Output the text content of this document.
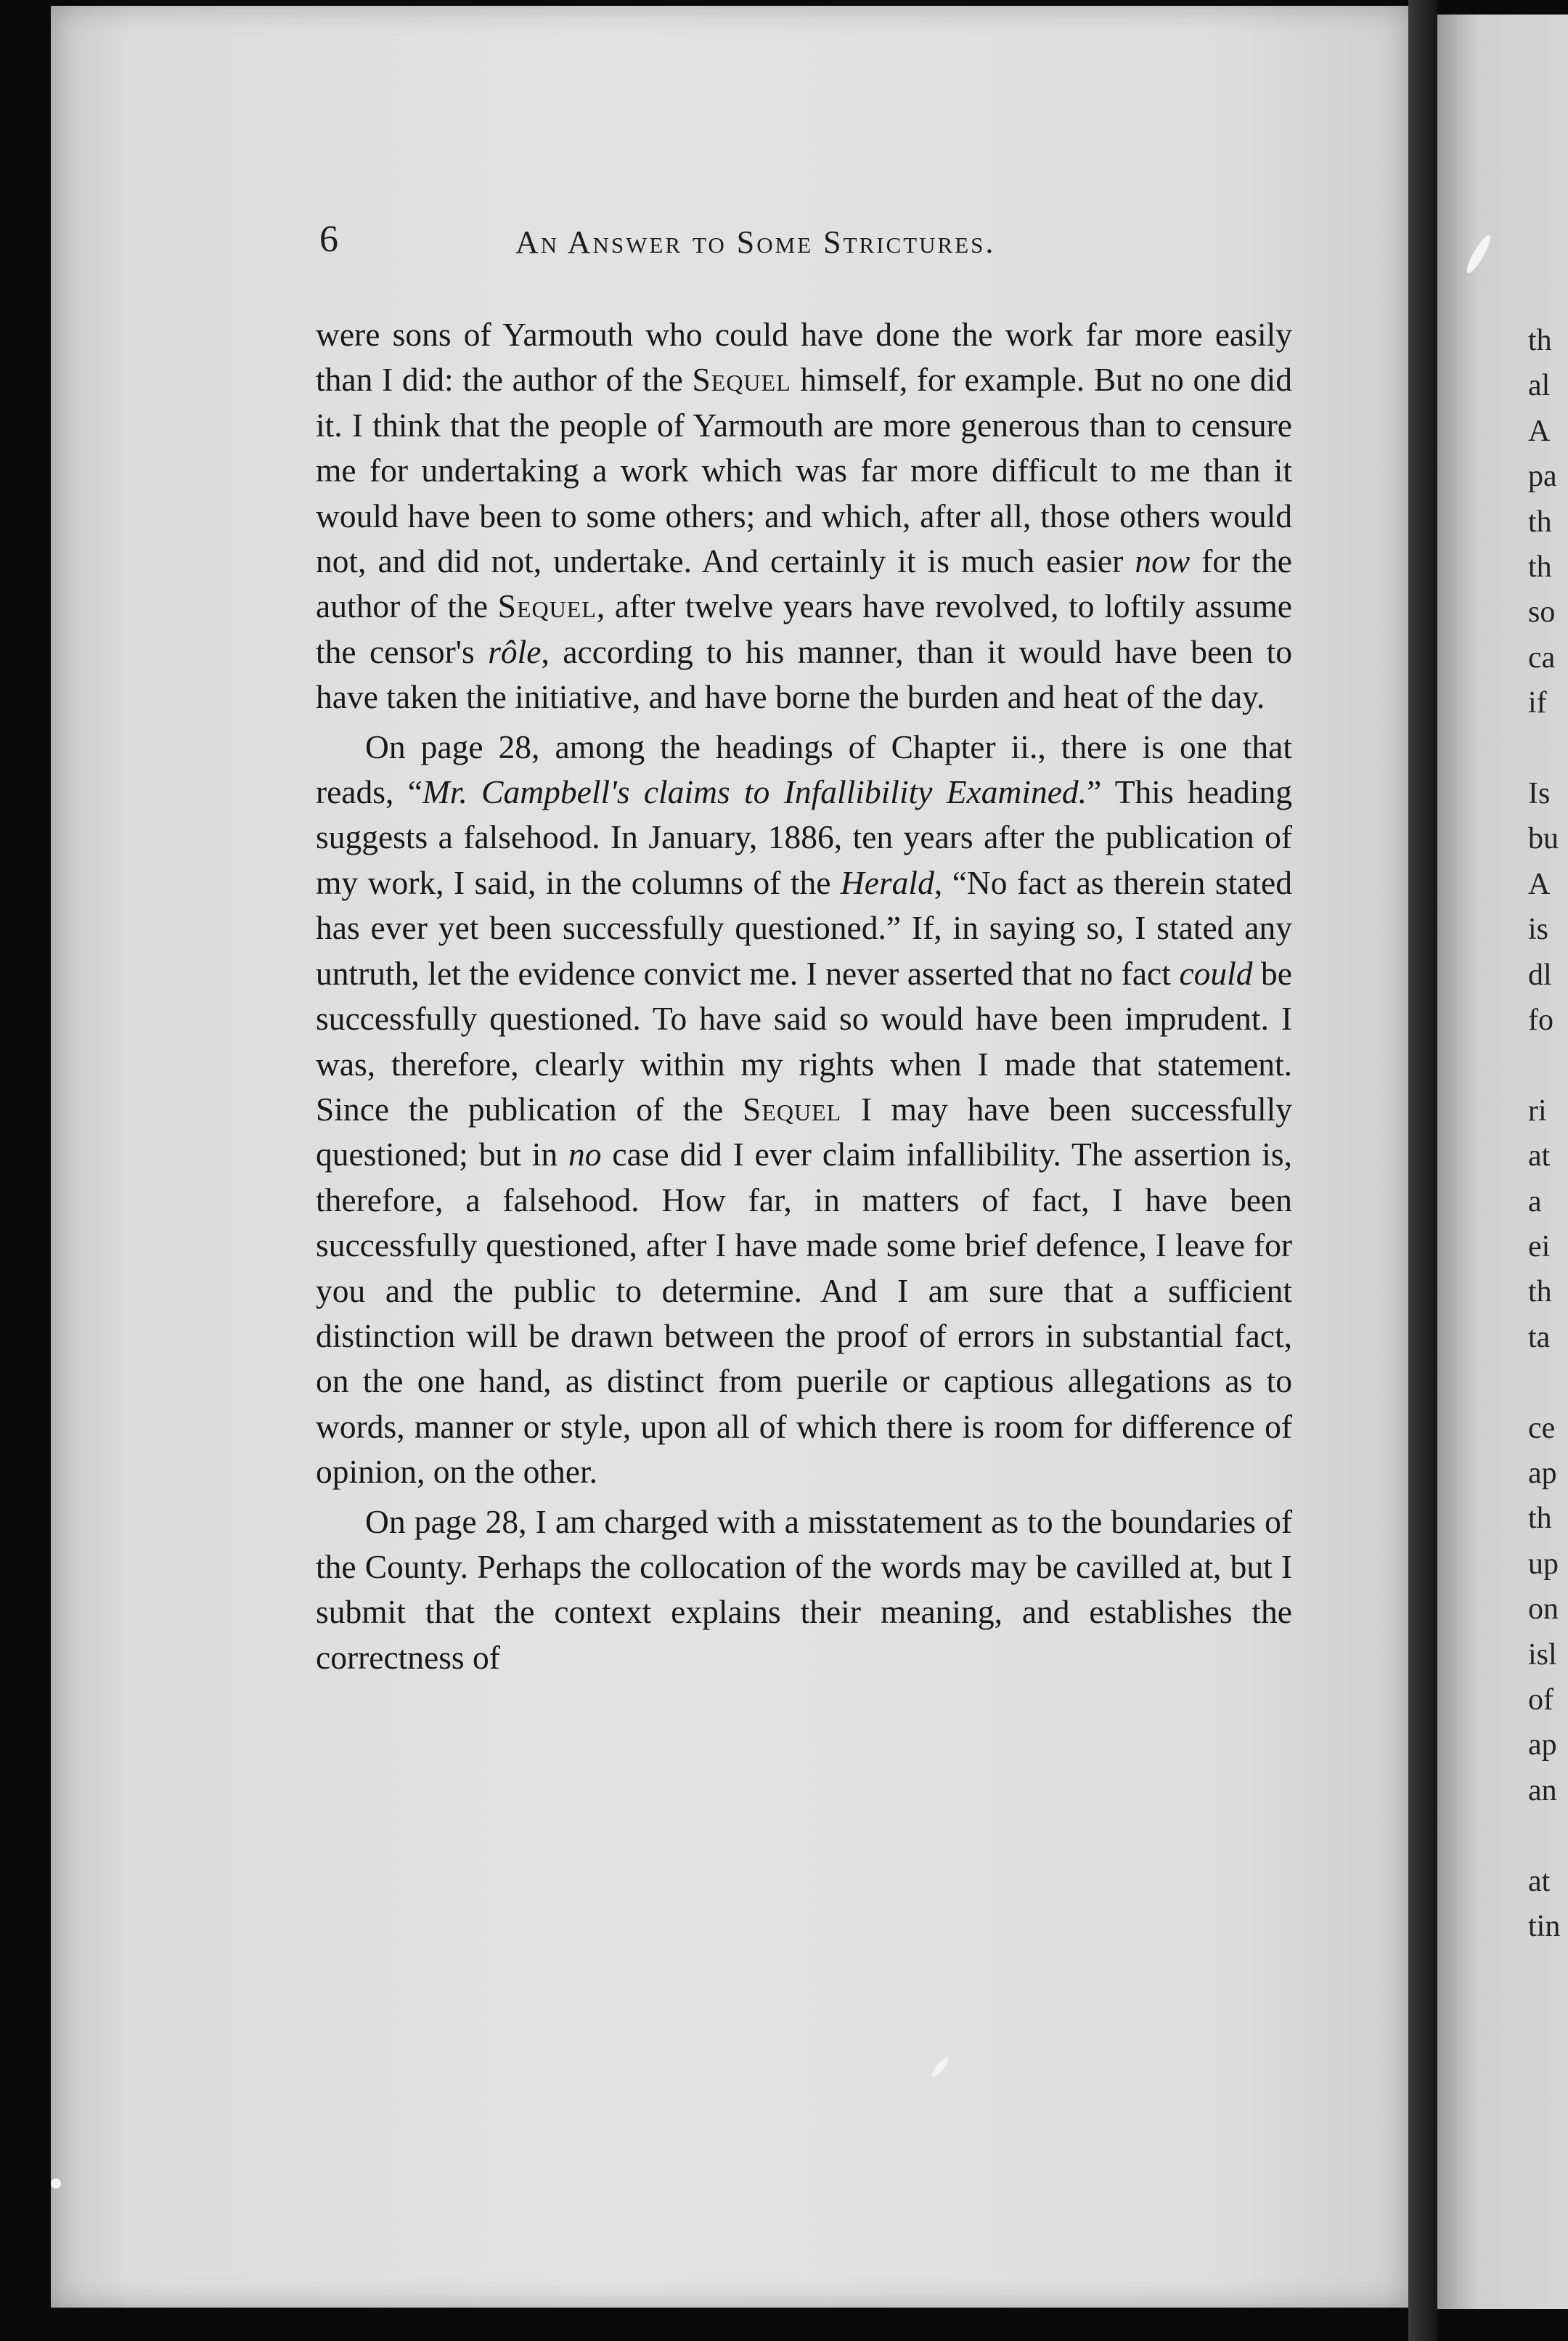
6	An Answer to Some Strictures.

were sons of Yarmouth who could have done the work far more easily than I did: the author of the Sequel himself, for example. But no one did it. I think that the people of Yarmouth are more generous than to censure me for undertaking a work which was far more difficult to me than it would have been to some others; and which, after all, those others would not, and did not, undertake. And certainly it is much easier now for the author of the Sequel, after twelve years have revolved, to loftily assume the censor's rôle, according to his manner, than it would have been to have taken the initiative, and have borne the burden and heat of the day.

On page 28, among the headings of Chapter ii., there is one that reads, “Mr. Campbell's claims to Infallibility Examined.” This heading suggests a falsehood. In January, 1886, ten years after the publication of my work, I said, in the columns of the Herald, “No fact as therein stated has ever yet been successfully questioned.” If, in saying so, I stated any untruth, let the evidence convict me. I never asserted that no fact could be successfully questioned. To have said so would have been imprudent. I was, therefore, clearly within my rights when I made that statement. Since the publication of the Sequel I may have been successfully questioned; but in no case did I ever claim infallibility. The assertion is, therefore, a falsehood. How far, in matters of fact, I have been successfully questioned, after I have made some brief defence, I leave for you and the public to determine. And I am sure that a sufficient distinction will be drawn between the proof of errors in substantial fact, on the one hand, as distinct from puerile or captious allegations as to words, manner or style, upon all of which there is room for difference of opinion, on the other.

On page 28, I am charged with a misstatement as to the boundaries of the County. Perhaps the collocation of the words may be cavilled at, but I submit that the context explains their meaning, and establishes the correctness of

th
al
A
pa
th
th
so
ca
if
Is
bu
A
is
dl
fo
ri
at
a
ei
th
ta
ce
ap
th
up
on
isl
of
ap
an
at
tin
